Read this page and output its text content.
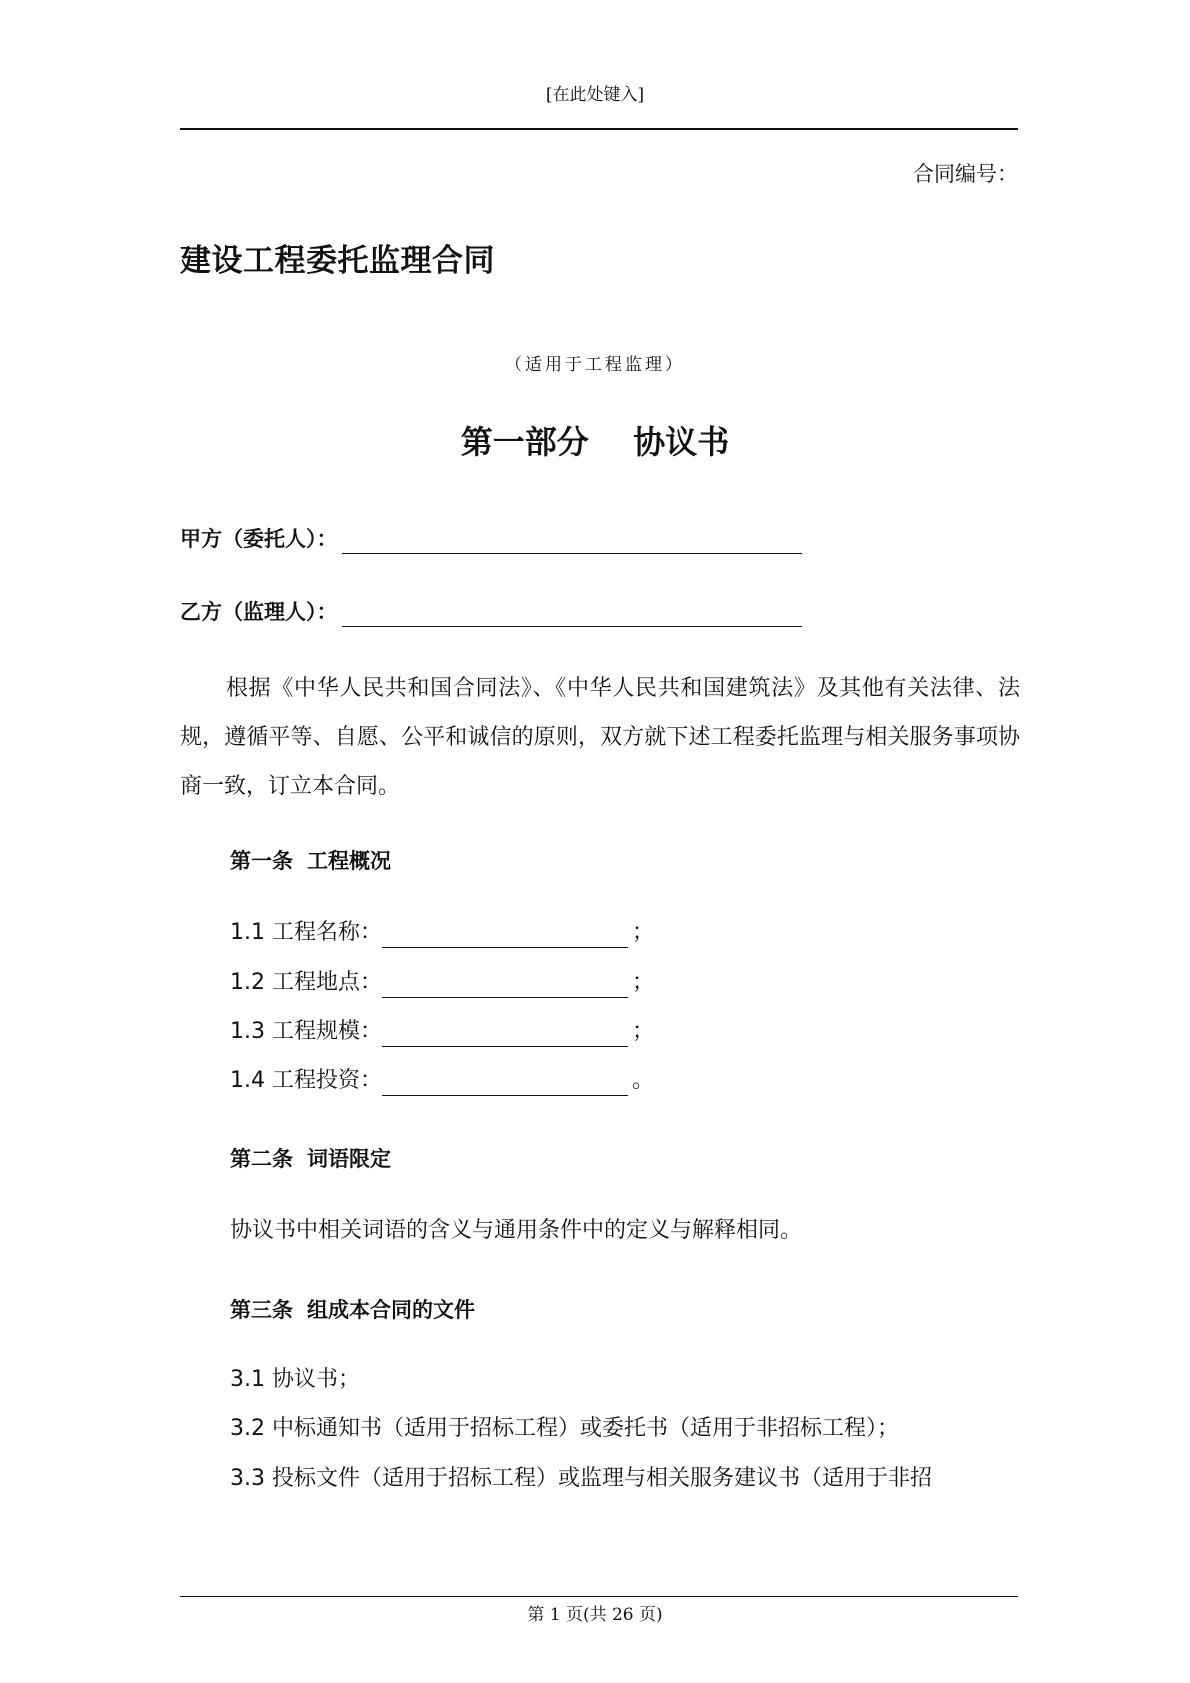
[在此处键入]
合同编号：
建设工程委托监理合同
（适用于工程监理）
第一部分    协议书
甲方（委托人）：
乙方（监理人）：

根据《中华人民共和国合同法》、《中华人民共和国建筑法》及其他有关法律、法规，遵循平等、自愿、公平和诚信的原则，双方就下述工程委托监理与相关服务事项协商一致，订立本合同。

第一条 工程概况
1.1 工程名称：	；
1.2 工程地点：	；
1.3 工程规模：	；
1.4 工程投资：	。
第二条 词语限定
协议书中相关词语的含义与通用条件中的定义与解释相同。
第三条 组成本合同的文件
3.1 协议书；
3.2 中标通知书（适用于招标工程）或委托书（适用于非招标工程）；
3.3 投标文件（适用于招标工程）或监理与相关服务建议书（适用于非招
第 1 页(共 26 页)
